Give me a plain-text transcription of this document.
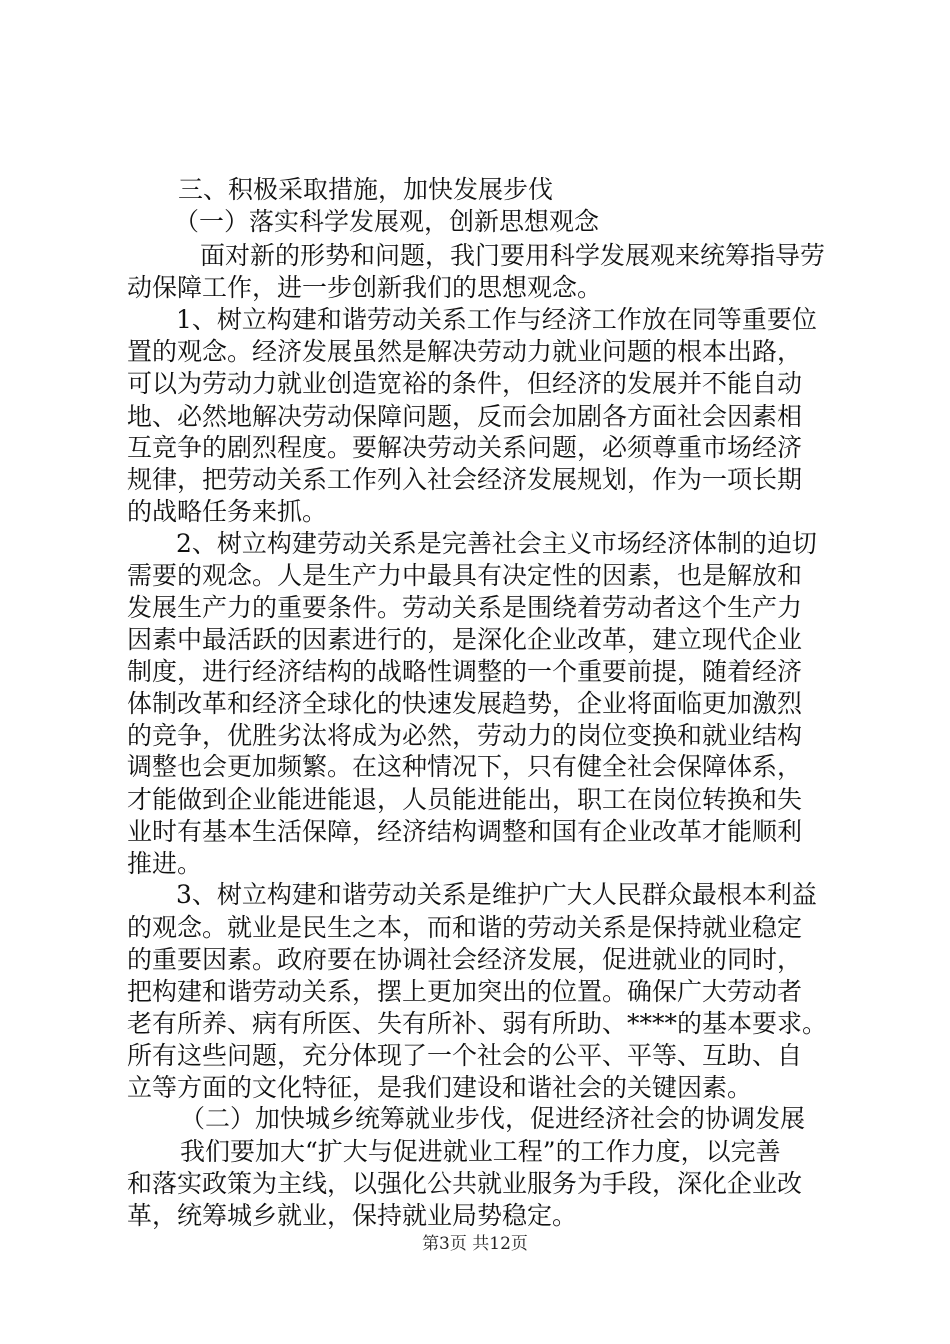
三、积极采取措施，加快发展步伐
（一）落实科学发展观，创新思想观念
面对新的形势和问题，我门要用科学发展观来统筹指导劳
动保障工作，进一步创新我们的思想观念。
1、树立构建和谐劳动关系工作与经济工作放在同等重要位
置的观念。经济发展虽然是解决劳动力就业问题的根本出路，
可以为劳动力就业创造宽裕的条件，但经济的发展并不能自动
地、必然地解决劳动保障问题，反而会加剧各方面社会因素相
互竞争的剧烈程度。要解决劳动关系问题，必须尊重市场经济
规律，把劳动关系工作列入社会经济发展规划，作为一项长期
的战略任务来抓。
2、树立构建劳动关系是完善社会主义市场经济体制的迫切
需要的观念。人是生产力中最具有决定性的因素，也是解放和
发展生产力的重要条件。劳动关系是围绕着劳动者这个生产力
因素中最活跃的因素进行的，是深化企业改革，建立现代企业
制度，进行经济结构的战略性调整的一个重要前提，随着经济
体制改革和经济全球化的快速发展趋势，企业将面临更加激烈
的竞争，优胜劣汰将成为必然，劳动力的岗位变换和就业结构
调整也会更加频繁。在这种情况下，只有健全社会保障体系，
才能做到企业能进能退，人员能进能出，职工在岗位转换和失
业时有基本生活保障，经济结构调整和国有企业改革才能顺利
推进。
3、树立构建和谐劳动关系是维护广大人民群众最根本利益
的观念。就业是民生之本，而和谐的劳动关系是保持就业稳定
的重要因素。政府要在协调社会经济发展，促进就业的同时，
把构建和谐劳动关系，摆上更加突出的位置。确保广大劳动者
老有所养、病有所医、失有所补、弱有所助、****的基本要求。
所有这些问题，充分体现了一个社会的公平、平等、互助、自
立等方面的文化特征，是我们建设和谐社会的关键因素。
（二）加快城乡统筹就业步伐，促进经济社会的协调发展
我们要加大“扩大与促进就业工程”的工作力度，以完善
和落实政策为主线，以强化公共就业服务为手段，深化企业改
革，统筹城乡就业，保持就业局势稳定。
第3页 共12页
